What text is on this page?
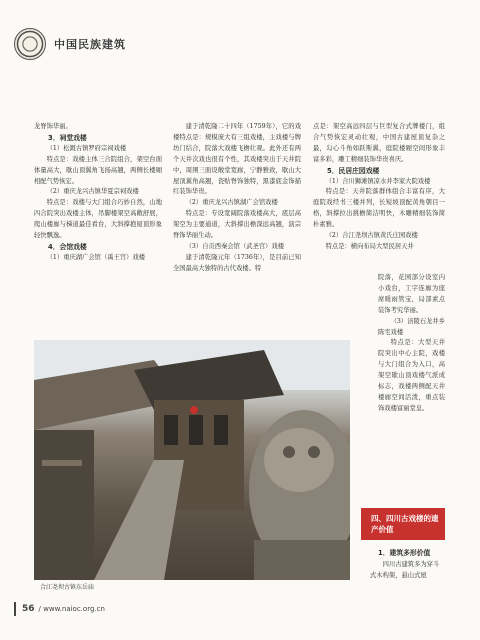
中国民族建筑

龙脊饰华丽。

3．祠堂戏楼

（1）松溉古镇罗府宗祠戏楼

特点是：戏楼主体三合院组合，架空台面体量高大，歇山顶翼角飞扬高翘，两侧长楼厢相配气势恢宏。

（2）重庆龙兴古镇华夏宗祠戏楼

特点是：戏楼与大门组合巧妙自然，山地四合院突出戏楼主体，吊脚楼架空高敞舒展，爬山楼廊与梯道最佳看台，大斜撑抱厦顶形象轻快飘逸。

4．会馆戏楼

（1）重庆湖广会馆（禹王宫）戏楼

建于清乾隆二十四年（1759年），它的戏楼特点是：规模庞大有三组戏楼，主戏楼与牌坊门结合，院落大戏楼飞檐壮观。此外还有两个天井次戏也很有个性，其戏楼突出于天井院中，周围三面设敞堂宽廊，宁静雅致，歇山大屋顶翼角高翘，瓷贴脊饰独特，黑漆底金饰描红装饰华贵。

（2）重庆龙兴古镇湖广会馆戏楼

特点是：专设宽阔院落戏楼高大，底层高架空为主要通道，大斜撑出檐深远高翘，演宗脊饰华丽生动。

（3）自贡西秦会馆（武圣宫）戏楼

建于清乾隆元年（1736年），是目前已知全国最高大独特的古代戏楼。特

点是：架空高远四层与巨型复合式牌楼门，组合气势恢宏灵动壮观，中国古建屋顶复杂之最，勾心斗角如跃斯翼，庭院楼厢空间形象丰富多彩，雕工精细装饰华贵喜庆。

5．民居庄园戏楼

（1）合川狮滩镇凉水井李家大院戏楼

特点是：天井院落群体组合丰富有序，大庭院戏经书三楼并列，长短坡顶配黄角朝目一格，斜撑拉出挑檐简洁明快，木雕精细装饰简朴素雅。

（2）合江尧坝古镇黄氏庄园戏楼

特点是：横向布局大型民居天井

院落，花园部分设室内小戏台，工字连廊为座席暖雨管宝，局部素点装饰考究华丽。

（3）涪陵石龙井乡陈宅戏楼

特点是：大型天井院突出中心主院，戏楼与大门组合为入口，高架空歇山顶戏楼气派成标志，戏楼两侧配天井楼廊空间活泼，重点装饰戏楼富丽堂皇。

合江尧坝古镇东岳庙
四、四川古戏楼的遗产价值

1．建筑多形价值

四川古建筑多为穿斗式木构架，悬山式屋

56 / www.naioc.org.cn
